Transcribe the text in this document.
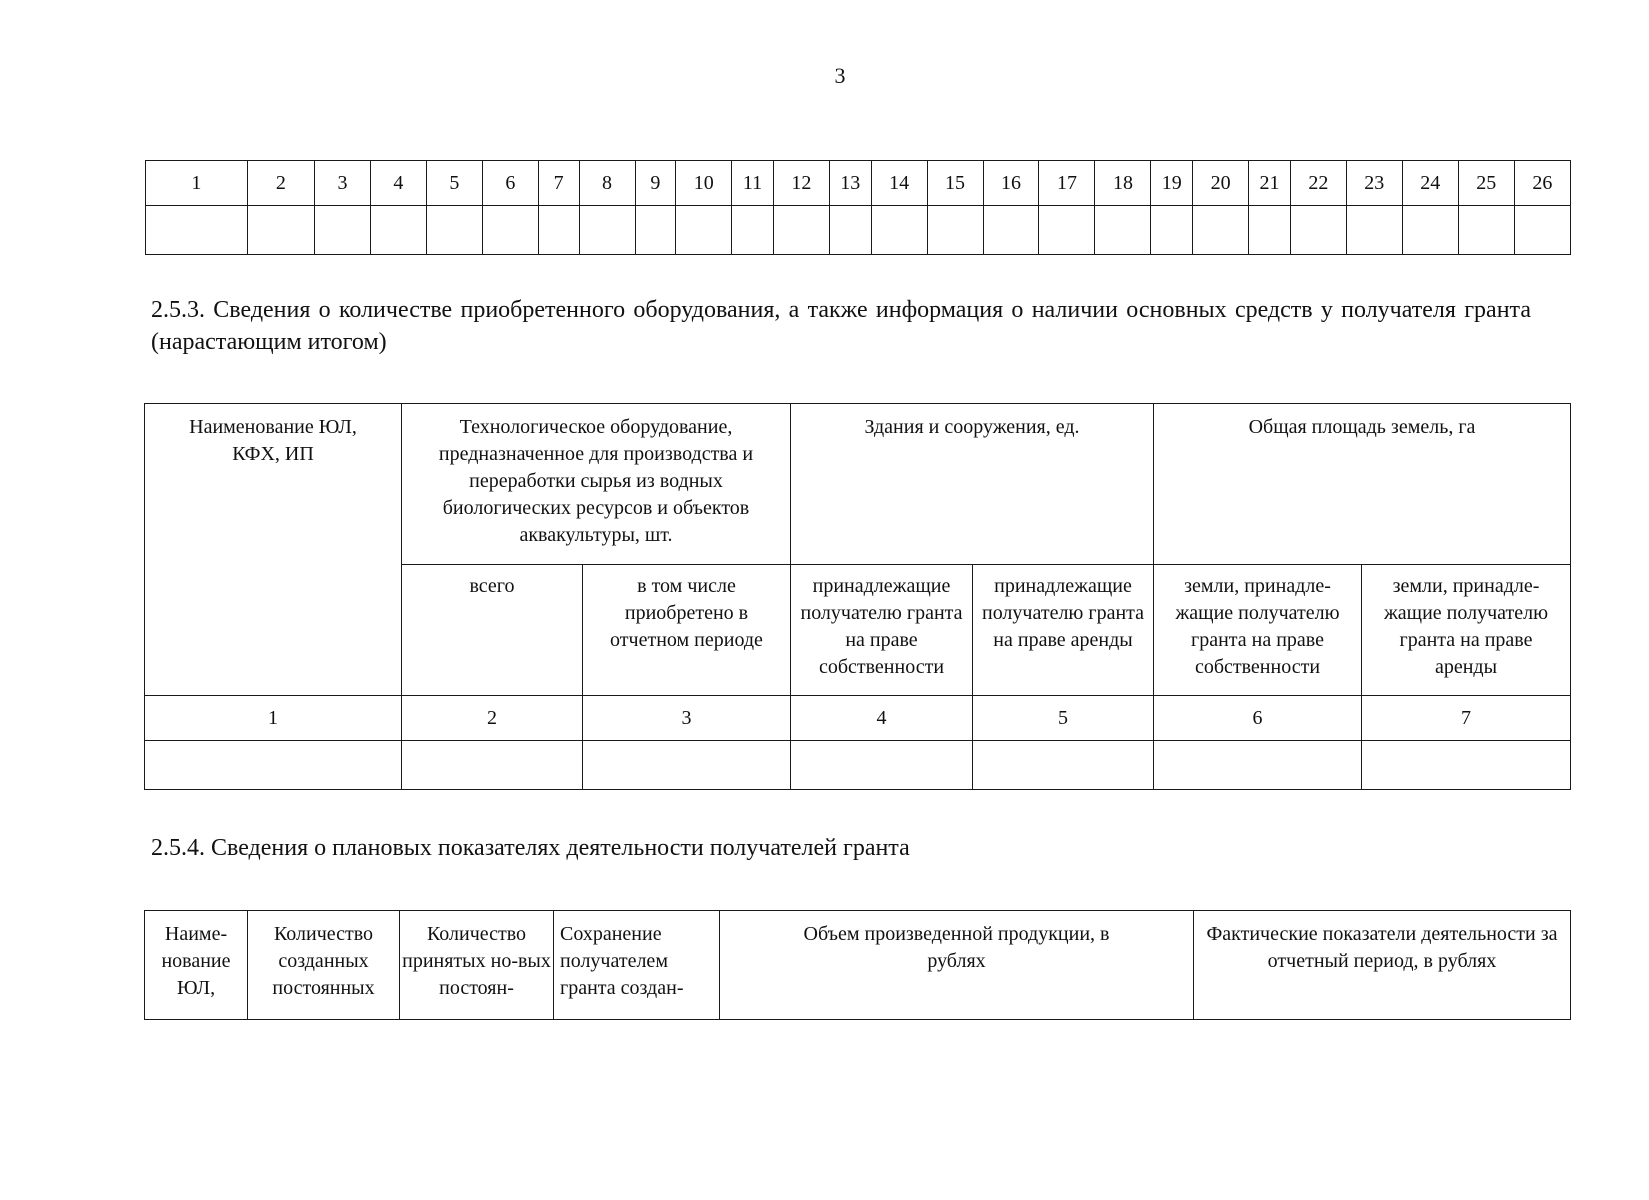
3
1	2	3	4	5	6	7	8	9	10	11	12	13	14	15	16	17	18	19	20	21	22	23	24	25	26

2.5.3. Сведения о количестве приобретенного оборудования, а также информация о наличии основных средств у получателя гранта (нарастающим итогом)
Наименование ЮЛ, КФХ, ИП	Технологическое оборудование, предназначенное для производства и переработки сырья из водных биологических ресурсов и объектов аквакультуры, шт.		Здания и сооружения, ед.		Общая площадь земель, га	
	всего	в том числе приобретено в отчетном периоде	принадлежащие получателю гранта на праве собственности	принадлежащие получателю гранта на праве аренды	земли, принадле-жащие получателю гранта на праве собственности	земли, принадле-жащие получателю гранта на праве аренды
1	2	3	4	5	6	7

2.5.4. Сведения о плановых показателях деятельности получателей гранта
Наиме-нование ЮЛ,	Количество созданных постоянных	Количество принятых но-вых постоян-	Сохранение получателем гранта создан-	Объем произведенной продукции, в рублях	Фактические показатели деятельности за отчетный период, в рублях
